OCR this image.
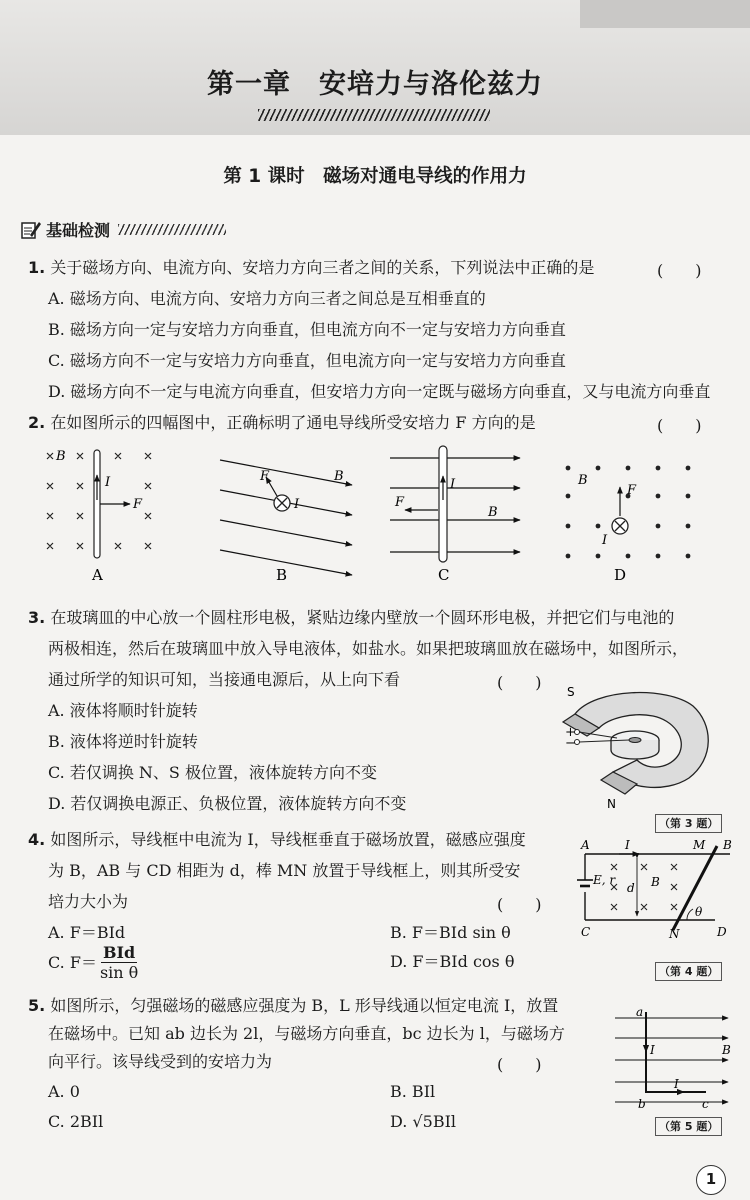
第一章　安培力与洛伦兹力
第 1 课时　磁场对通电导线的作用力
基础检测
1. 关于磁场方向、电流方向、安培力方向三者之间的关系，下列说法中正确的是	(　　)
A. 磁场方向、电流方向、安培力方向三者之间总是互相垂直的
B. 磁场方向一定与安培力方向垂直，但电流方向不一定与安培力方向垂直
C. 磁场方向不一定与安培力方向垂直，但电流方向一定与安培力方向垂直
D. 磁场方向不一定与电流方向垂直，但安培力方向一定既与磁场方向垂直，又与电流方向垂直
2. 在如图所示的四幅图中，正确标明了通电导线所受安培力 F 方向的是	(　　)
B
I
F
A
F
I
B
B
I
F
B
C
F
B
I
D
3. 在玻璃皿的中心放一个圆柱形电极，紧贴边缘内壁放一个圆环形电极，并把它们与电池的
两极相连，然后在玻璃皿中放入导电液体，如盐水。如果把玻璃皿放在磁场中，如图所示，
通过所学的知识可知，当接通电源后，从上向下看	(　　)
A. 液体将顺时针旋转
B. 液体将逆时针旋转
C. 若仅调换 N、S 极位置，液体旋转方向不变
D. 若仅调换电源正、负极位置，液体旋转方向不变
+
−
S
N
（第 3 题）
4. 如图所示，导线框中电流为 I，导线框垂直于磁场放置，磁感应强度
为 B，AB 与 CD 相距为 d，棒 MN 放置于导线框上，则其所受安
培力大小为	(　　)
A. F＝BId	B. F＝BId sin θ
C. F＝ BId
sin θ
D. F＝BId cos θ
A	I	M B
E, r
d B
C	N	D
θ
（第 4 题）
5. 如图所示，匀强磁场的磁感应强度为 B，L 形导线通以恒定电流 I，放置
在磁场中。已知 ab 边长为 2l，与磁场方向垂直，bc 边长为 l，与磁场方
向平行。该导线受到的安培力为	(　　)
A. 0	B. BIl
C. 2BIl	D. √5BIl
a
I
I
b	c
B
（第 5 题）
1
